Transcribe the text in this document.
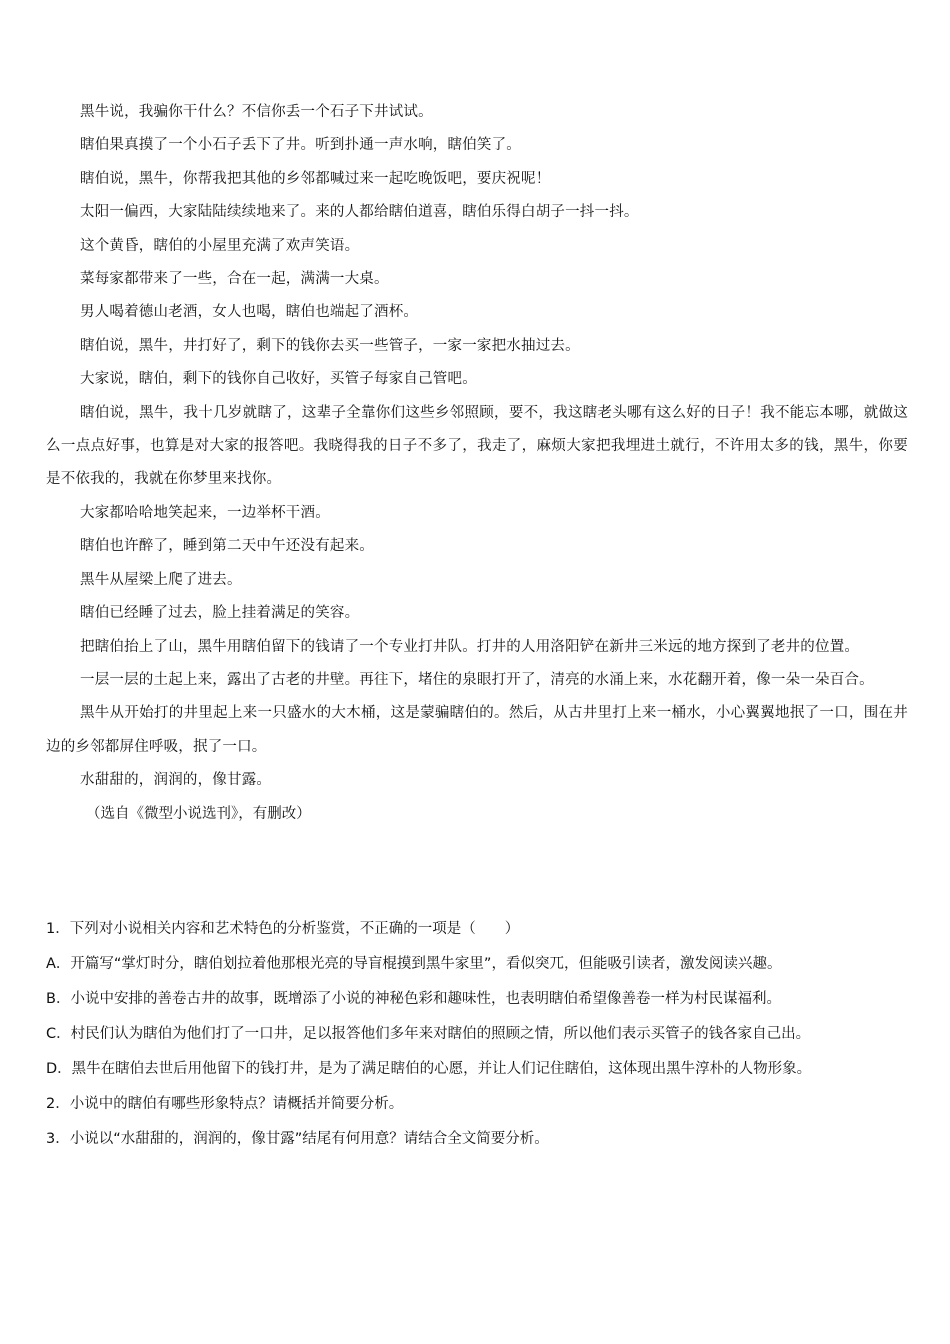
黑牛说，我骗你干什么？不信你丢一个石子下井试试。

瞎伯果真摸了一个小石子丢下了井。听到扑通一声水响，瞎伯笑了。

瞎伯说，黑牛，你帮我把其他的乡邻都喊过来一起吃晚饭吧，要庆祝呢！

太阳一偏西，大家陆陆续续地来了。来的人都给瞎伯道喜，瞎伯乐得白胡子一抖一抖。

这个黄昏，瞎伯的小屋里充满了欢声笑语。

菜每家都带来了一些，合在一起，满满一大桌。

男人喝着德山老酒，女人也喝，瞎伯也端起了酒杯。

瞎伯说，黑牛，井打好了，剩下的钱你去买一些管子，一家一家把水抽过去。

大家说，瞎伯，剩下的钱你自己收好，买管子每家自己管吧。

瞎伯说，黑牛，我十几岁就瞎了，这辈子全靠你们这些乡邻照顾，要不，我这瞎老头哪有这么好的日子！我不能忘本哪，就做这么一点点好事，也算是对大家的报答吧。我晓得我的日子不多了，我走了，麻烦大家把我埋进土就行，不许用太多的钱，黑牛，你要是不依我的，我就在你梦里来找你。

大家都哈哈地笑起来，一边举杯干酒。

瞎伯也许醉了，睡到第二天中午还没有起来。

黑牛从屋梁上爬了进去。

瞎伯已经睡了过去，脸上挂着满足的笑容。

把瞎伯抬上了山，黑牛用瞎伯留下的钱请了一个专业打井队。打井的人用洛阳铲在新井三米远的地方探到了老井的位置。

一层一层的土起上来，露出了古老的井壁。再往下，堵住的泉眼打开了，清亮的水涌上来，水花翻开着，像一朵一朵百合。

黑牛从开始打的井里起上来一只盛水的大木桶，这是蒙骗瞎伯的。然后，从古井里打上来一桶水，小心翼翼地抿了一口，围在井边的乡邻都屏住呼吸，抿了一口。

水甜甜的，润润的，像甘露。

（选自《微型小说选刊》，有删改）

1．下列对小说相关内容和艺术特色的分析鉴赏，不正确的一项是（　　）

A．开篇写“掌灯时分，瞎伯划拉着他那根光亮的导盲棍摸到黑牛家里”，看似突兀，但能吸引读者，激发阅读兴趣。

B．小说中安排的善卷古井的故事，既增添了小说的神秘色彩和趣味性，也表明瞎伯希望像善卷一样为村民谋福利。

C．村民们认为瞎伯为他们打了一口井，足以报答他们多年来对瞎伯的照顾之情，所以他们表示买管子的钱各家自己出。

D．黑牛在瞎伯去世后用他留下的钱打井，是为了满足瞎伯的心愿，并让人们记住瞎伯，这体现出黑牛淳朴的人物形象。

2．小说中的瞎伯有哪些形象特点？请概括并简要分析。

3．小说以“水甜甜的，润润的，像甘露”结尾有何用意？请结合全文简要分析。
